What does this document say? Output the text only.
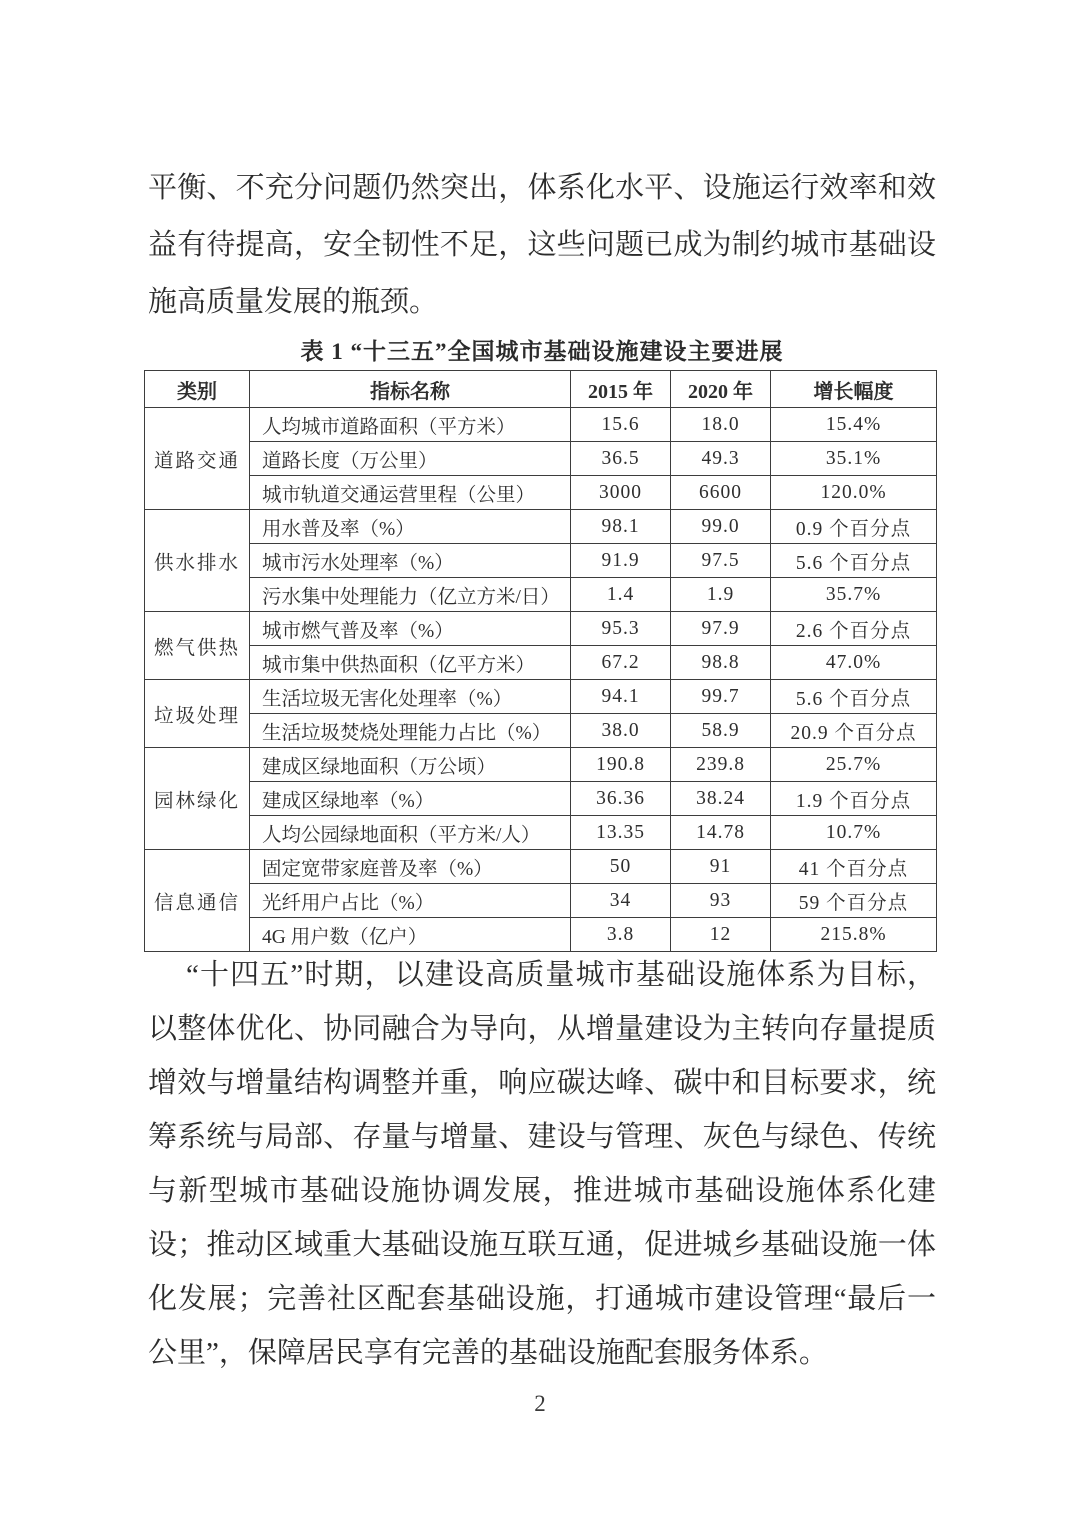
平衡、不充分问题仍然突出，体系化水平、设施运行效率和效
益有待提高，安全韧性不足，这些问题已成为制约城市基础设
施高质量发展的瓶颈。
表 1 “十三五”全国城市基础设施建设主要进展
类别	指标名称	2015 年	2020 年	增长幅度
道路交通	人均城市道路面积（平方米）	15.6	18.0	15.4%
	道路长度（万公里）	36.5	49.3	35.1%
	城市轨道交通运营里程（公里）	3000	6600	120.0%
供水排水	用水普及率（%）	98.1	99.0	0.9 个百分点
	城市污水处理率（%）	91.9	97.5	5.6 个百分点
	污水集中处理能力（亿立方米/日）	1.4	1.9	35.7%
燃气供热	城市燃气普及率（%）	95.3	97.9	2.6 个百分点
	城市集中供热面积（亿平方米）	67.2	98.8	47.0%
垃圾处理	生活垃圾无害化处理率（%）	94.1	99.7	5.6 个百分点
	生活垃圾焚烧处理能力占比（%）	38.0	58.9	20.9 个百分点
园林绿化	建成区绿地面积（万公顷）	190.8	239.8	25.7%
	建成区绿地率（%）	36.36	38.24	1.9 个百分点
	人均公园绿地面积（平方米/人）	13.35	14.78	10.7%
信息通信	固定宽带家庭普及率（%）	50	91	41 个百分点
	光纤用户占比（%）	34	93	59 个百分点
	4G 用户数（亿户）	3.8	12	215.8%
“十四五”时期，以建设高质量城市基础设施体系为目标，
以整体优化、协同融合为导向，从增量建设为主转向存量提质
增效与增量结构调整并重，响应碳达峰、碳中和目标要求，统
筹系统与局部、存量与增量、建设与管理、灰色与绿色、传统
与新型城市基础设施协调发展，推进城市基础设施体系化建
设；推动区域重大基础设施互联互通，促进城乡基础设施一体
化发展；完善社区配套基础设施，打通城市建设管理“最后一
公里”，保障居民享有完善的基础设施配套服务体系。
2
